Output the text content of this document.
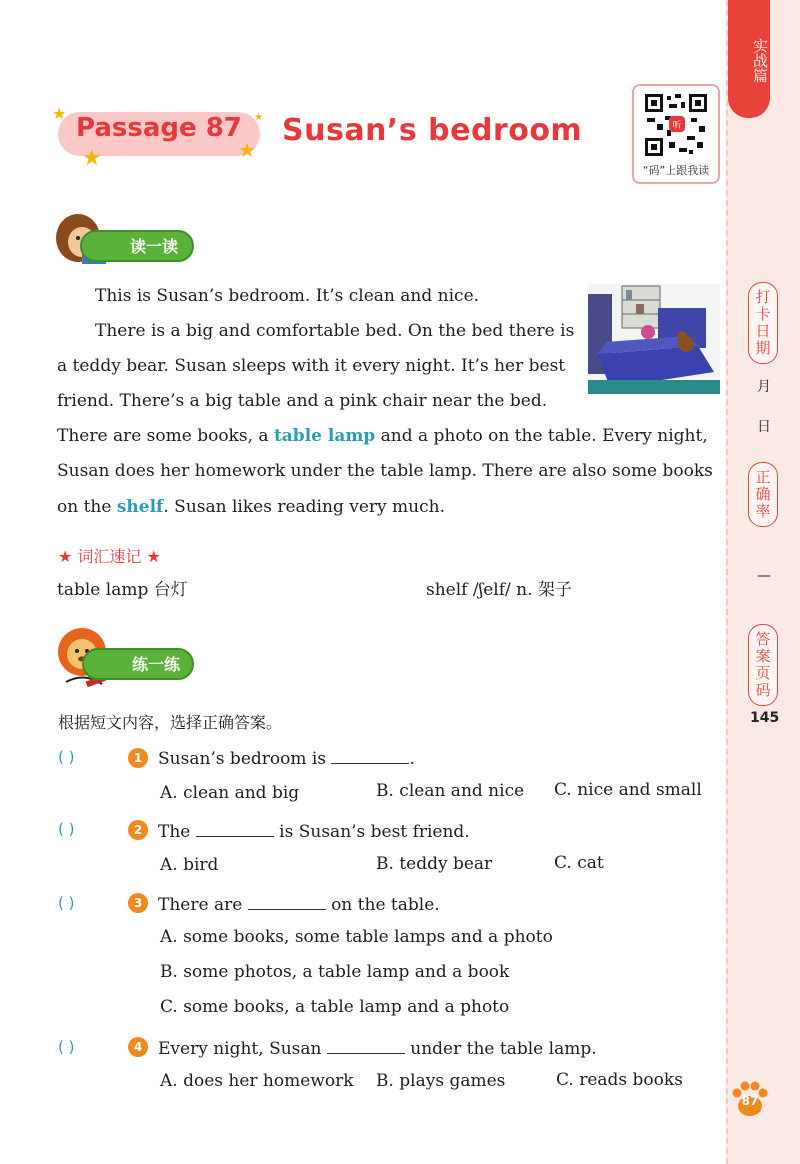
实战篇
打卡日期
月
日
正确率
—
答案页码
145
87
★
★	★
★
Passage 87 Susan’s bedroom	听
“码”上跟我读
读一读
This is Susan’s bedroom. It’s clean and nice.
There is a big and comfortable bed. On the bed there is
a teddy bear. Susan sleeps with it every night. It’s her best
friend. There’s a big table and a pink chair near the bed.
There are some books, a table lamp and a photo on the table. Every night,
Susan does her homework under the table lamp. There are also some books
on the shelf. Susan likes reading very much.
★ 词汇速记 ★
table lamp 台灯	shelf /ʃelf/ n. 架子
练一练
根据短文内容，选择正确答案。
( )	1 Susan’s bedroom is	.
A. clean and big	B. clean and nice C. nice and small
( )	2 The	is Susan’s best friend.
A. bird	B. teddy bear	C. cat
( )	3 There are	on the table.
A. some books, some table lamps and a photo
B. some photos, a table lamp and a book
C. some books, a table lamp and a photo
( )	4 Every night, Susan	under the table lamp.
A. does her homework B. plays games	C. reads books
